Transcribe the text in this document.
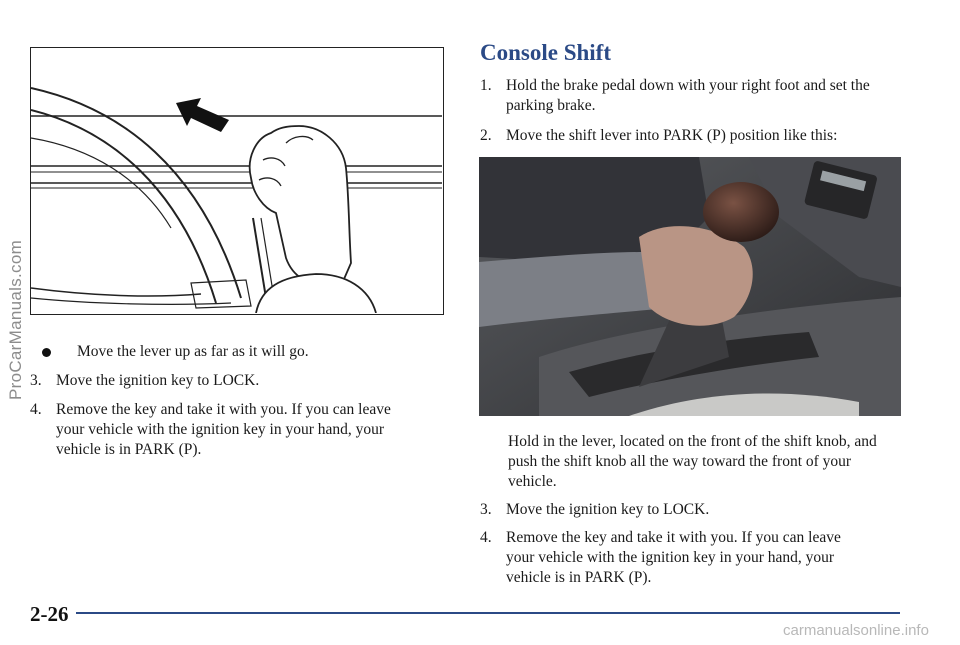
Move the lever up as far as it will go.
3. Move the ignition key to LOCK.
4. Remove the key and take it with you. If you can leave your vehicle with the ignition key in your hand, your vehicle is in PARK (P).
Console Shift
1. Hold the brake pedal down with your right foot and set the parking brake.
2. Move the shift lever into PARK (P) position like this:
Hold in the lever, located on the front of the shift knob, and push the shift knob all the way toward the front of your vehicle.
3. Move the ignition key to LOCK.
4. Remove the key and take it with you. If you can leave your vehicle with the ignition key in your hand, your vehicle is in PARK (P).
2-26
carmanualsonline.info
ProCarManuals.com
